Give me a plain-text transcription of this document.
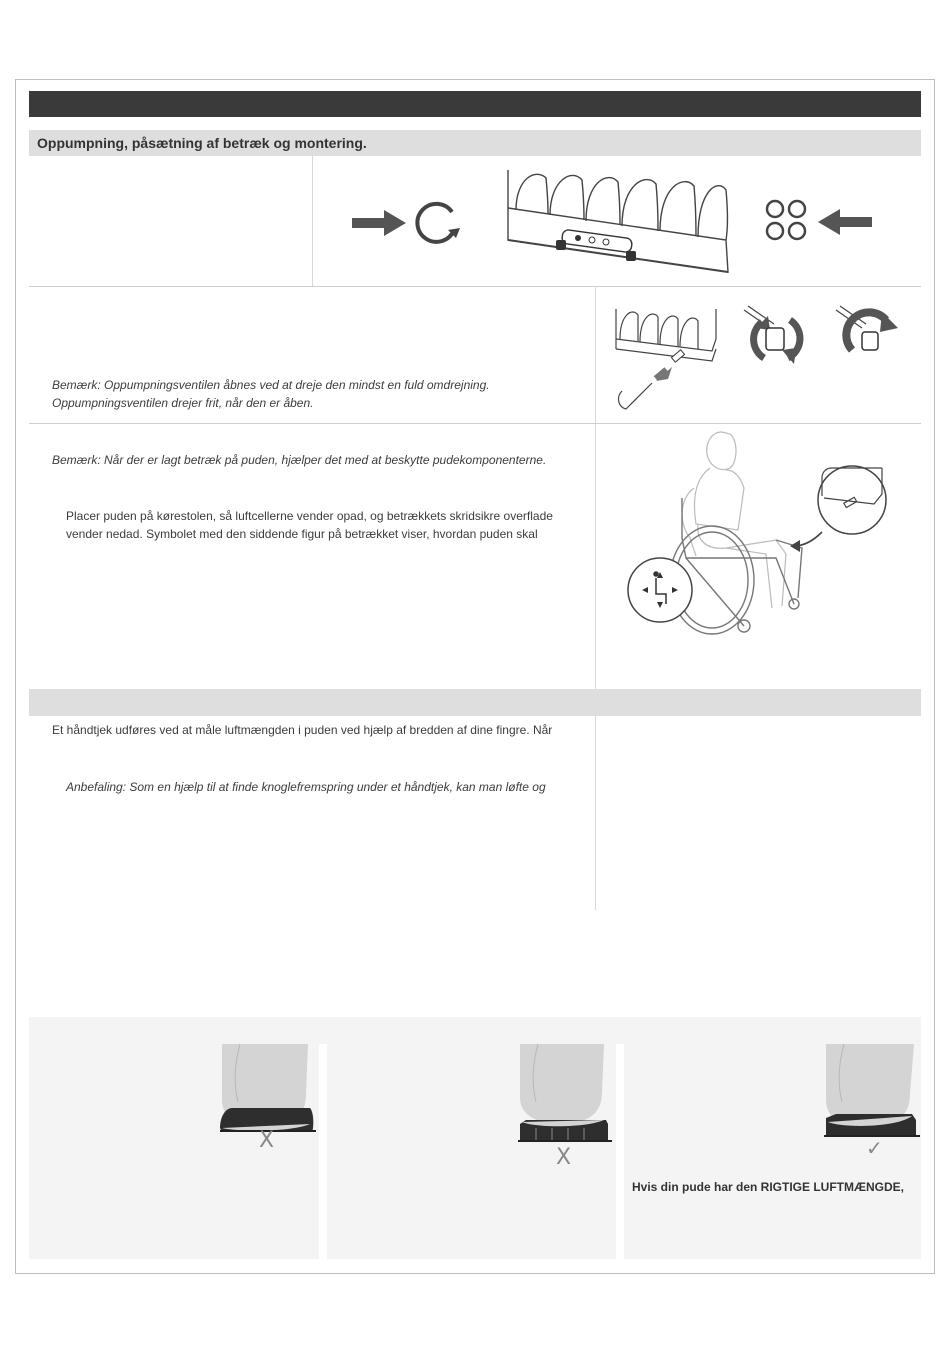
Oppumpning, påsætning af betræk og montering.

Bemærk: Oppumpningsventilen åbnes ved at dreje den mindst en fuld omdrejning.

Oppumpningsventilen drejer frit, når den er åben.

Bemærk: Når der er lagt betræk på puden, hjælper det med at beskytte pudekomponenterne.

Placer puden på kørestolen, så luftcellerne vender opad, og betrækkets skridsikre overflade

vender nedad. Symbolet med den siddende figur på betrækket viser, hvordan puden skal

Et håndtjek udføres ved at måle luftmængden i puden ved hjælp af bredden af dine fingre. Når

Anbefaling: Som en hjælp til at finde knoglefremspring under et håndtjek, kan man løfte og

X
X	✓
Hvis din pude har den RIGTIGE LUFTMÆNGDE,
